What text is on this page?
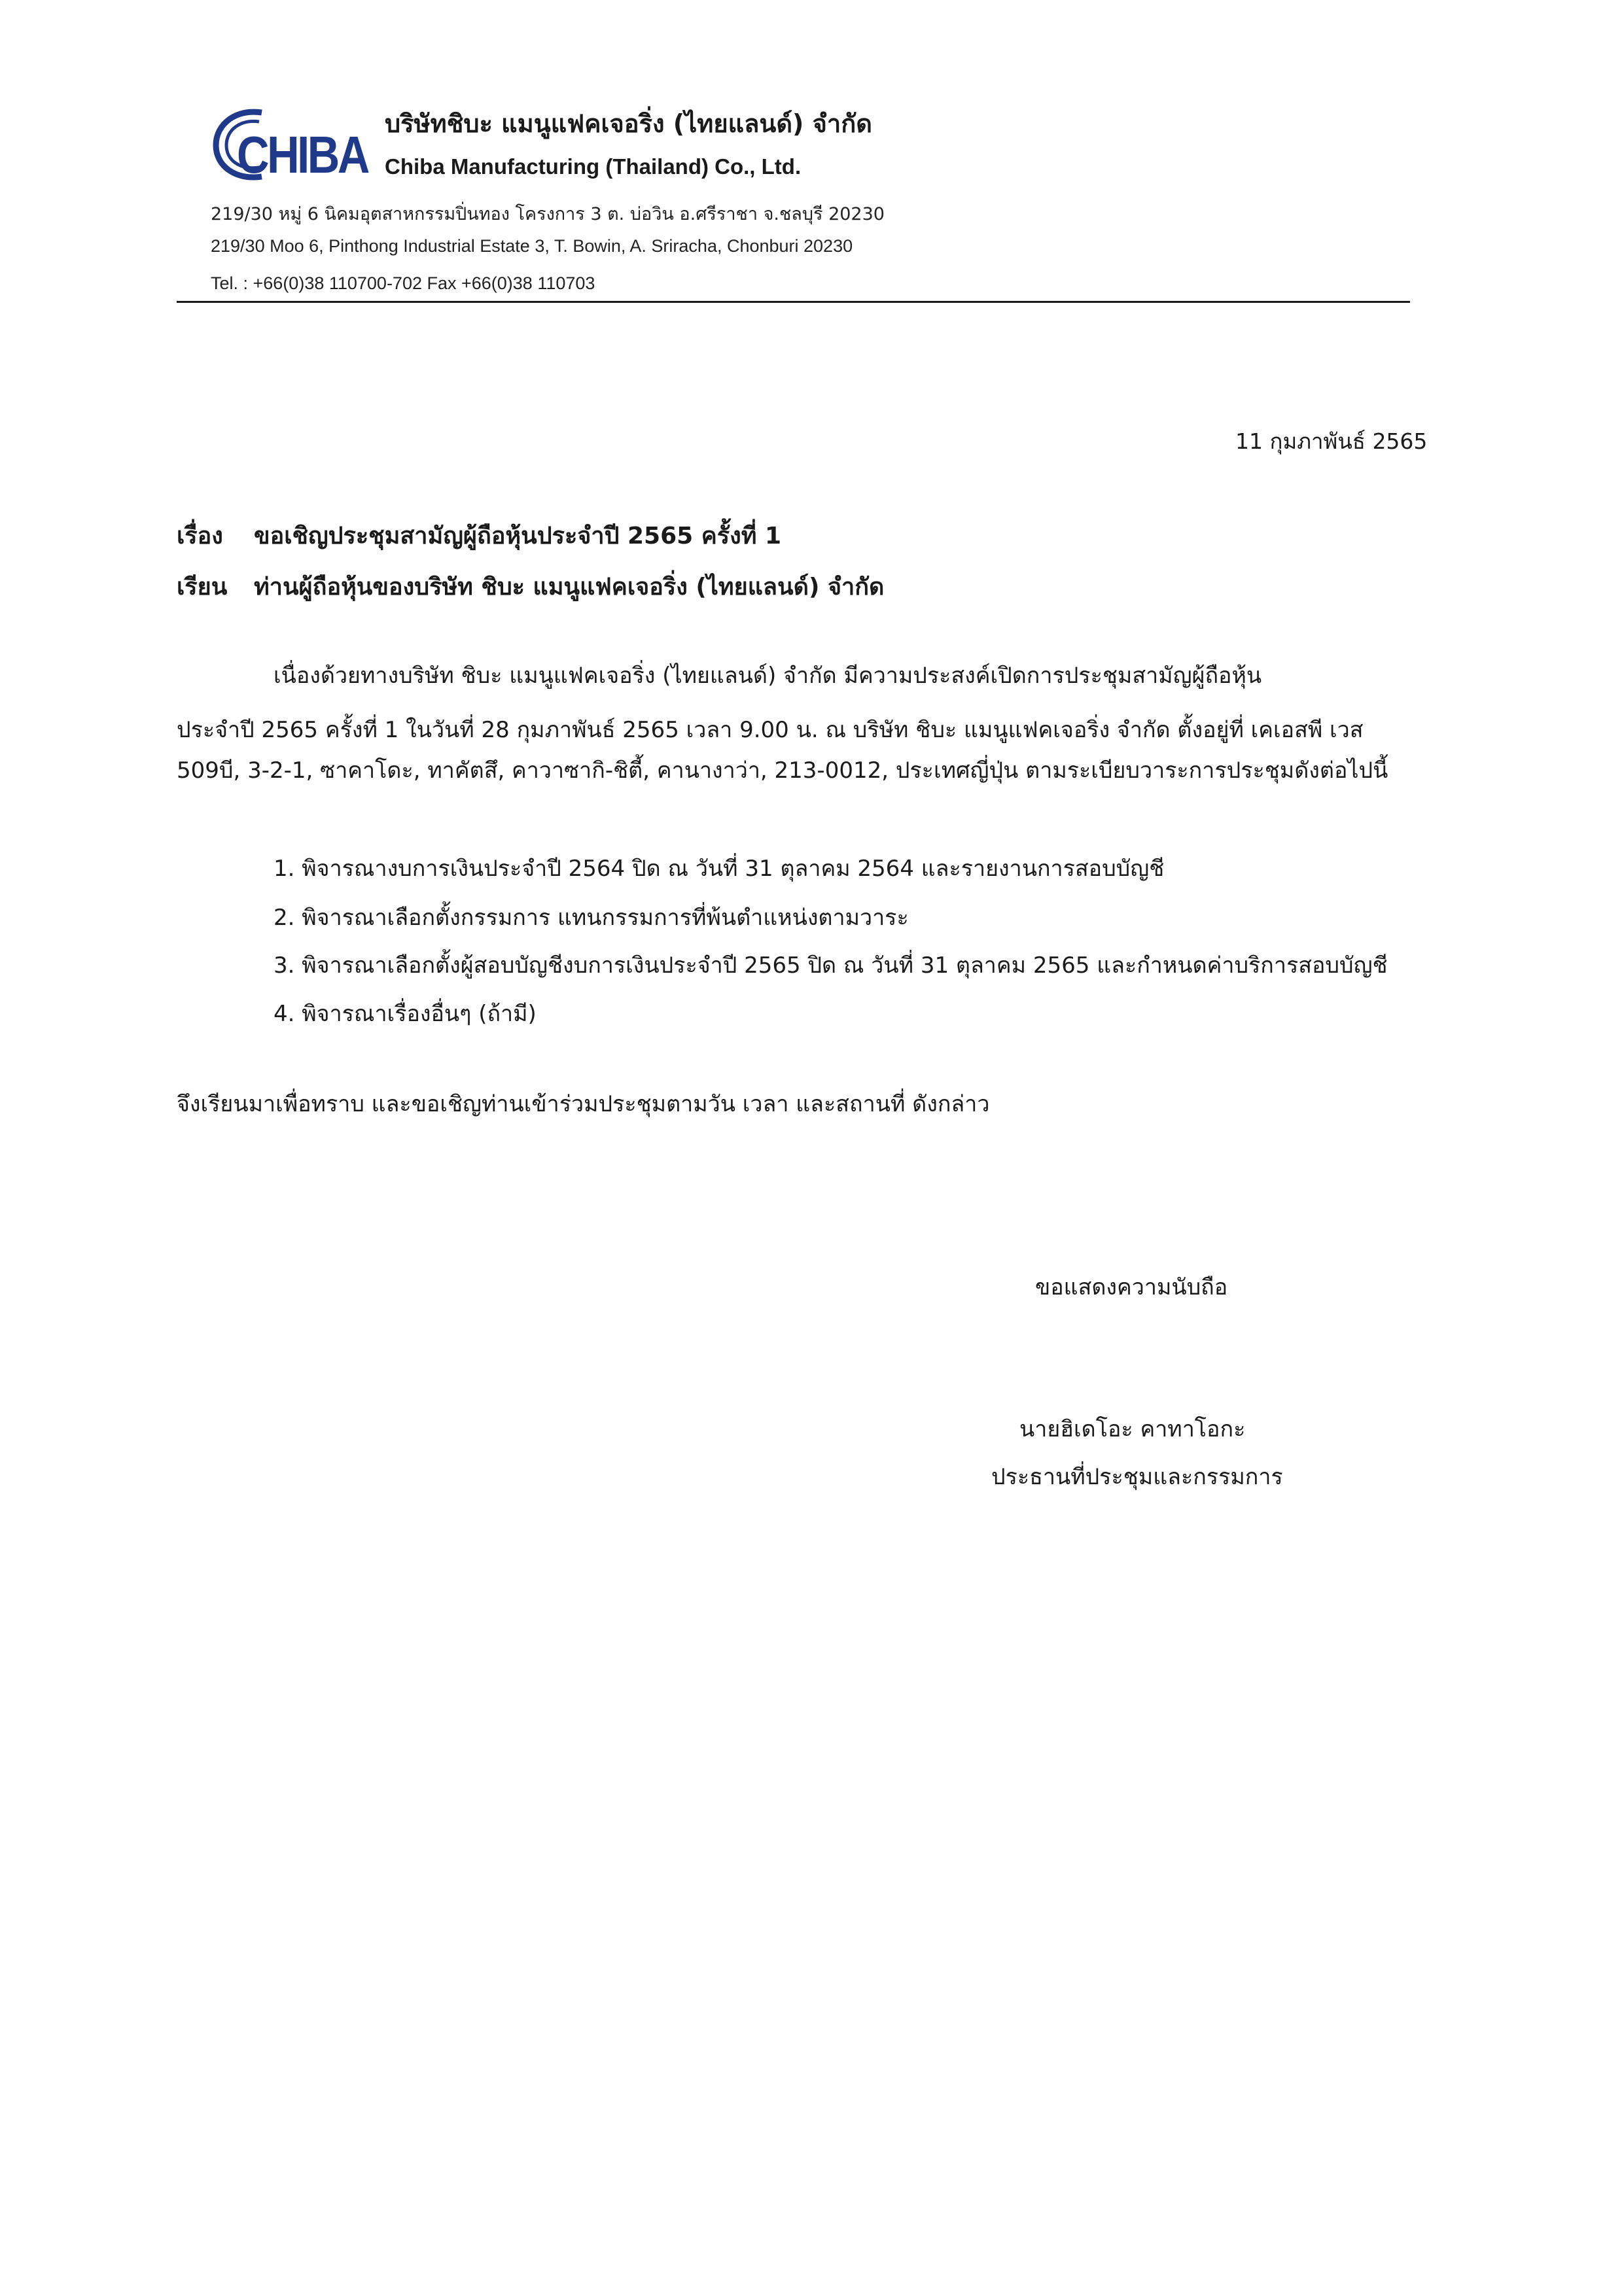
CHIBA
บริษัทชิบะ แมนูแฟคเจอริ่ง (ไทยแลนด์) จำกัด
Chiba Manufacturing (Thailand) Co., Ltd.
219/30 หมู่ 6 นิคมอุตสาหกรรมปิ่นทอง โครงการ 3 ต. บ่อวิน อ.ศรีราชา จ.ชลบุรี 20230
219/30 Moo 6, Pinthong Industrial Estate 3, T. Bowin, A. Sriracha, Chonburi 20230
Tel. : +66(0)38 110700-702 Fax +66(0)38 110703
11 กุมภาพันธ์ 2565
เรื่อง ขอเชิญประชุมสามัญผู้ถือหุ้นประจำปี 2565 ครั้งที่ 1
เรียน ท่านผู้ถือหุ้นของบริษัท ชิบะ แมนูแฟคเจอริ่ง (ไทยแลนด์) จำกัด
เนื่องด้วยทางบริษัท ชิบะ แมนูแฟคเจอริ่ง (ไทยแลนด์) จำกัด มีความประสงค์เปิดการประชุมสามัญผู้ถือหุ้น
ประจำปี 2565 ครั้งที่ 1 ในวันที่ 28 กุมภาพันธ์ 2565 เวลา 9.00 น. ณ บริษัท ชิบะ แมนูแฟคเจอริ่ง จำกัด ตั้งอยู่ที่ เคเอสพี เวส
509บี, 3-2-1, ซาคาโดะ, ทาคัตสึ, คาวาซากิ-ชิตี้, คานางาว่า, 213-0012, ประเทศญี่ปุ่น ตามระเบียบวาระการประชุมดังต่อไปนี้
1. พิจารณางบการเงินประจำปี 2564 ปิด ณ วันที่ 31 ตุลาคม 2564 และรายงานการสอบบัญชี
2. พิจารณาเลือกตั้งกรรมการ แทนกรรมการที่พ้นตำแหน่งตามวาระ
3. พิจารณาเลือกตั้งผู้สอบบัญชีงบการเงินประจำปี 2565 ปิด ณ วันที่ 31 ตุลาคม 2565 และกำหนดค่าบริการสอบบัญชี
4. พิจารณาเรื่องอื่นๆ (ถ้ามี)
จึงเรียนมาเพื่อทราบ และขอเชิญท่านเข้าร่วมประชุมตามวัน เวลา และสถานที่ ดังกล่าว
ขอแสดงความนับถือ
นายฮิเดโอะ คาทาโอกะ
ประธานที่ประชุมและกรรมการ
